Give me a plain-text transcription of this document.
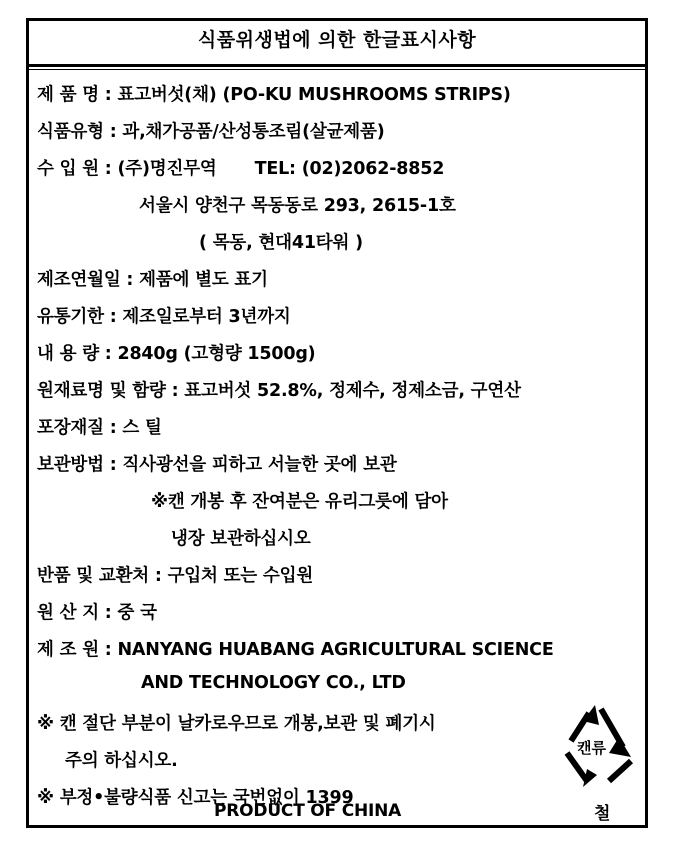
식품위생법에 의한 한글표시사항
제 품 명 : 표고버섯(채) (PO-KU MUSHROOMS STRIPS)
식품유형 : 과,채가공품/산성통조림(살균제품)
수 입 원 : (주)명진무역 TEL: (02)2062-8852
서울시 양천구 목동동로 293, 2615-1호
( 목동, 현대41타워 )
제조연월일 : 제품에 별도 표기
유통기한 : 제조일로부터 3년까지
내 용 량 : 2840g (고형량 1500g)
원재료명 및 함량 : 표고버섯 52.8%, 정제수, 정제소금, 구연산
포장재질 : 스 틸
보관방법 : 직사광선을 피하고 서늘한 곳에 보관
※캔 개봉 후 잔여분은 유리그릇에 담아
냉장 보관하십시오
반품 및 교환처 : 구입처 또는 수입원
원 산 지 : 중 국
제 조 원 : NANYANG HUABANG AGRICULTURAL SCIENCE
AND TECHNOLOGY CO., LTD
※ 캔 절단 부분이 날카로우므로 개봉,보관 및 폐기시
주의 하십시오.
※ 부정•불량식품 신고는 국번없이 1399
PRODUCT OF CHINA
캔류
철
